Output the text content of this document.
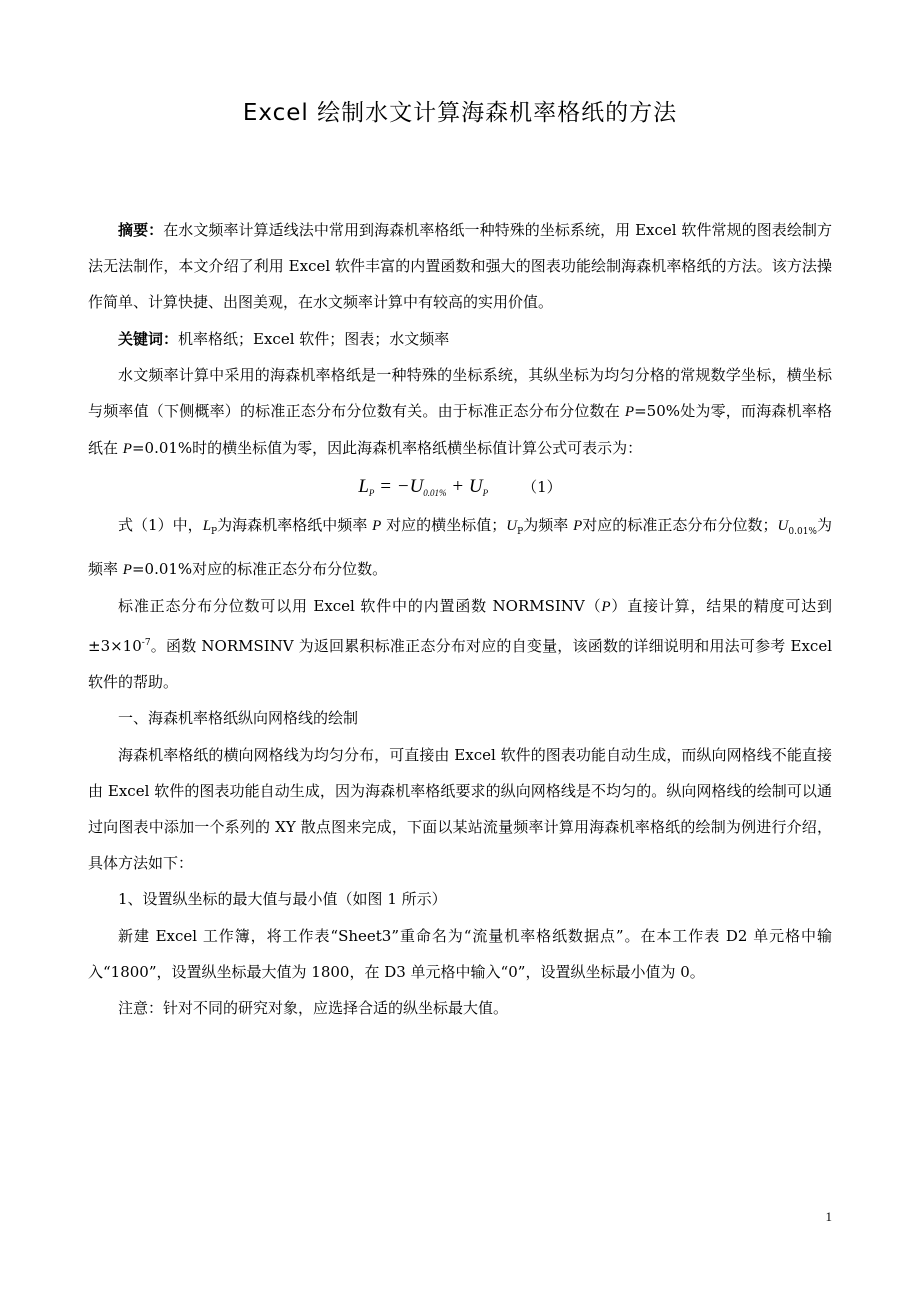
Excel 绘制水文计算海森机率格纸的方法

摘要：在水文频率计算适线法中常用到海森机率格纸一种特殊的坐标系统，用 Excel 软件常规的图表绘制方法无法制作，本文介绍了利用 Excel 软件丰富的内置函数和强大的图表功能绘制海森机率格纸的方法。该方法操作简单、计算快捷、出图美观，在水文频率计算中有较高的实用价值。

关键词：机率格纸；Excel 软件；图表；水文频率

水文频率计算中采用的海森机率格纸是一种特殊的坐标系统，其纵坐标为均匀分格的常规数学坐标，横坐标与频率值（下侧概率）的标准正态分布分位数有关。由于标准正态分布分位数在 P=50%处为零，而海森机率格纸在 P=0.01%时的横坐标值为零，因此海森机率格纸横坐标值计算公式可表示为：

$L_P = -U_{0.01\%} + U_P$ （1）

式（1）中，$L_P$为海森机率格纸中频率 P 对应的横坐标值；$U_P$为频率 P对应的标准正态分布分位数；$U_{0.01\%}$为频率 P=0.01%对应的标准正态分布分位数。

标准正态分布分位数可以用 Excel 软件中的内置函数 NORMSINV（P）直接计算，结果的精度可达到$\pm 3\times 10^{-7}$。函数 NORMSINV 为返回累积标准正态分布对应的自变量，该函数的详细说明和用法可参考 Excel 软件的帮助。

一、海森机率格纸纵向网格线的绘制

海森机率格纸的横向网格线为均匀分布，可直接由 Excel 软件的图表功能自动生成，而纵向网格线不能直接由 Excel 软件的图表功能自动生成，因为海森机率格纸要求的纵向网格线是不均匀的。纵向网格线的绘制可以通过向图表中添加一个系列的 XY 散点图来完成，下面以某站流量频率计算用海森机率格纸的绘制为例进行介绍，具体方法如下：

1、设置纵坐标的最大值与最小值（如图 1 所示）

新建 Excel 工作簿，将工作表“Sheet3”重命名为“流量机率格纸数据点”。在本工作表 D2 单元格中输入“1800”，设置纵坐标最大值为 1800，在 D3 单元格中输入“0”，设置纵坐标最小值为 0。

注意：针对不同的研究对象，应选择合适的纵坐标最大值。

1
